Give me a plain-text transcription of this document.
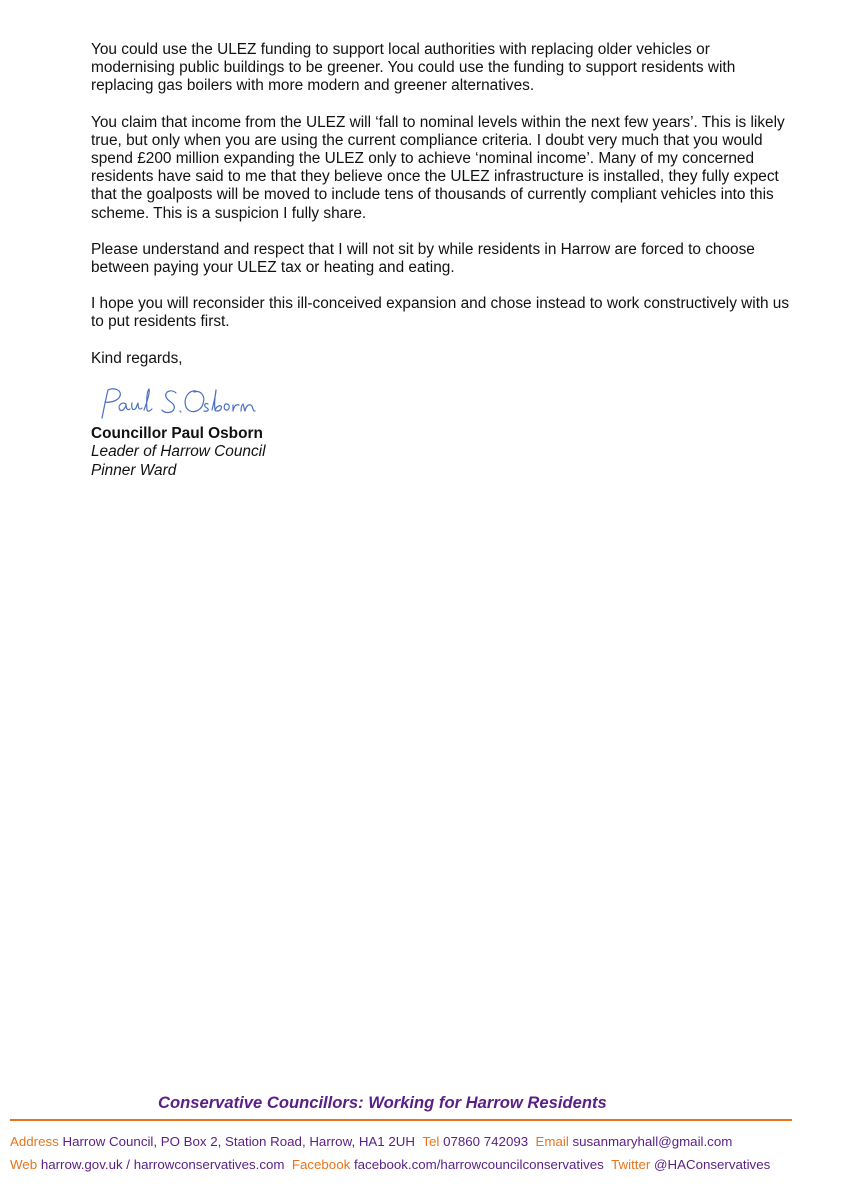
You could use the ULEZ funding to support local authorities with replacing older vehicles or modernising public buildings to be greener. You could use the funding to support residents with replacing gas boilers with more modern and greener alternatives.

You claim that income from the ULEZ will ‘fall to nominal levels within the next few years’. This is likely true, but only when you are using the current compliance criteria. I doubt very much that you would spend £200 million expanding the ULEZ only to achieve ‘nominal income’. Many of my concerned residents have said to me that they believe once the ULEZ infrastructure is installed, they fully expect that the goalposts will be moved to include tens of thousands of currently compliant vehicles into this scheme. This is a suspicion I fully share.

Please understand and respect that I will not sit by while residents in Harrow are forced to choose between paying your ULEZ tax or heating and eating.

I hope you will reconsider this ill-conceived expansion and chose instead to work constructively with us to put residents first.

Kind regards,

Councillor Paul Osborn
Leader of Harrow Council
Pinner Ward
Conservative Councillors: Working for Harrow Residents
Address Harrow Council, PO Box 2, Station Road, Harrow, HA1 2UH Tel 07860 742093 Email susanmaryhall@gmail.com
Web harrow.gov.uk / harrowconservatives.com Facebook facebook.com/harrowcouncilconservatives Twitter @HAConservatives
